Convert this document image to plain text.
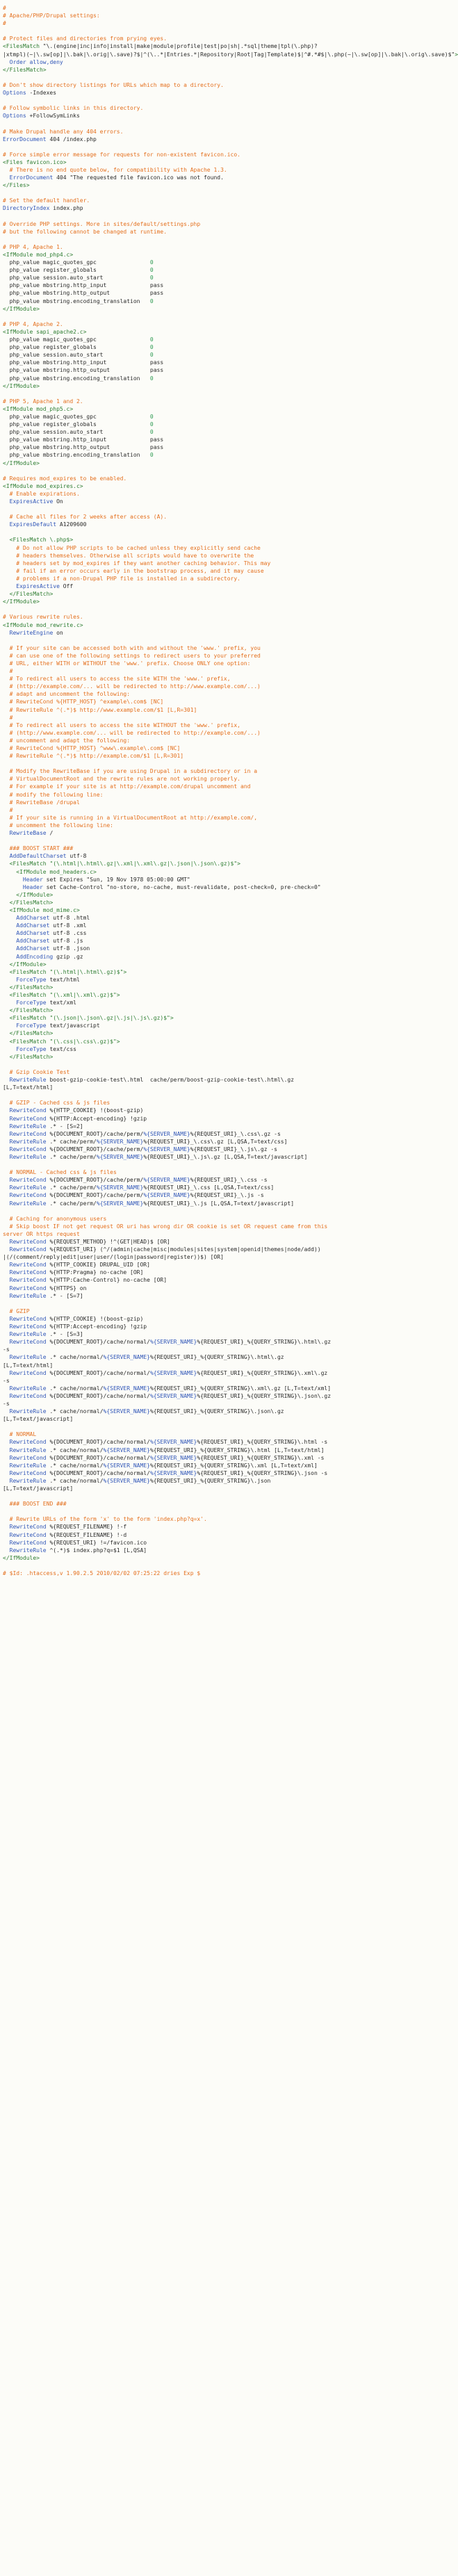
#
# Apache/PHP/Drupal settings:
#

# Protect files and directories from prying eyes.
<FilesMatch "\.(engine|inc|info|install|make|module|profile|test|po|sh|.*sql|theme|tpl(\.php)?
|xtmpl)(~|\.sw[op]|\.bak|\.orig|\.save)?$|^(\..*|Entries.*|Repository|Root|Tag|Template)$|^#.*#$|\.php(~|\.sw[op]|\.bak|\.orig\.save)$">
Order allow,deny
</FilesMatch>

# Don't show directory listings for URLs which map to a directory.
Options -Indexes

# Follow symbolic links in this directory.
Options +FollowSymLinks

# Make Drupal handle any 404 errors.
ErrorDocument 404 /index.php

# Force simple error message for requests for non-existent favicon.ico.
<Files favicon.ico>
# There is no end quote below, for compatibility with Apache 1.3.
ErrorDocument 404 "The requested file favicon.ico was not found.
</Files>

# Set the default handler.
DirectoryIndex index.php

# Override PHP settings. More in sites/default/settings.php
# but the following cannot be changed at runtime.

# PHP 4, Apache 1.
<IfModule mod_php4.c>
php_value magic_quotes_gpc                0
php_value register_globals                0
php_value session.auto_start              0
php_value mbstring.http_input             pass
php_value mbstring.http_output            pass
php_value mbstring.encoding_translation   0
</IfModule>

# PHP 4, Apache 2.
<IfModule sapi_apache2.c>
php_value magic_quotes_gpc                0
php_value register_globals                0
php_value session.auto_start              0
php_value mbstring.http_input             pass
php_value mbstring.http_output            pass
php_value mbstring.encoding_translation   0
</IfModule>

# PHP 5, Apache 1 and 2.
<IfModule mod_php5.c>
php_value magic_quotes_gpc                0
php_value register_globals                0
php_value session.auto_start              0
php_value mbstring.http_input             pass
php_value mbstring.http_output            pass
php_value mbstring.encoding_translation   0
</IfModule>

# Requires mod_expires to be enabled.
<IfModule mod_expires.c>
# Enable expirations.
ExpiresActive On

# Cache all files for 2 weeks after access (A).
ExpiresDefault A1209600

<FilesMatch \.php$>
# Do not allow PHP scripts to be cached unless they explicitly send cache
# headers themselves. Otherwise all scripts would have to overwrite the
# headers set by mod_expires if they want another caching behavior. This may
# fail if an error occurs early in the bootstrap process, and it may cause
# problems if a non-Drupal PHP file is installed in a subdirectory.
ExpiresActive Off
</FilesMatch>
</IfModule>

# Various rewrite rules.
<IfModule mod_rewrite.c>
RewriteEngine on

# If your site can be accessed both with and without the 'www.' prefix, you
# can use one of the following settings to redirect users to your preferred
# URL, either WITH or WITHOUT the 'www.' prefix. Choose ONLY one option:
#
# To redirect all users to access the site WITH the 'www.' prefix,
# (http://example.com/... will be redirected to http://www.example.com/...)
# adapt and uncomment the following:
# RewriteCond %{HTTP_HOST} ^example\.com$ [NC]
# RewriteRule ^(.*)$ http://www.example.com/$1 [L,R=301]
#
# To redirect all users to access the site WITHOUT the 'www.' prefix,
# (http://www.example.com/... will be redirected to http://example.com/...)
# uncomment and adapt the following:
# RewriteCond %{HTTP_HOST} ^www\.example\.com$ [NC]
# RewriteRule ^(.*)$ http://example.com/$1 [L,R=301]

# Modify the RewriteBase if you are using Drupal in a subdirectory or in a
# VirtualDocumentRoot and the rewrite rules are not working properly.
# For example if your site is at http://example.com/drupal uncomment and
# modify the following line:
# RewriteBase /drupal
#
# If your site is running in a VirtualDocumentRoot at http://example.com/,
# uncomment the following line:
RewriteBase /

### BOOST START ###
AddDefaultCharset utf-8
<FilesMatch "(\.html|\.html\.gz|\.xml|\.xml\.gz|\.json|\.json\.gz)$">
<IfModule mod_headers.c>
Header set Expires "Sun, 19 Nov 1978 05:00:00 GMT"
Header set Cache-Control "no-store, no-cache, must-revalidate, post-check=0, pre-check=0"
</IfModule>
</FilesMatch>
<IfModule mod_mime.c>
AddCharset utf-8 .html
AddCharset utf-8 .xml
AddCharset utf-8 .css
AddCharset utf-8 .js
AddCharset utf-8 .json
AddEncoding gzip .gz
</IfModule>
<FilesMatch "(\.html|\.html\.gz)$">
ForceType text/html
</FilesMatch>
<FilesMatch "(\.xml|\.xml\.gz)$">
ForceType text/xml
</FilesMatch>
<FilesMatch "(\.json|\.json\.gz|\.js|\.js\.gz)$">
ForceType text/javascript
</FilesMatch>
<FilesMatch "(\.css|\.css\.gz)$">
ForceType text/css
</FilesMatch>

# Gzip Cookie Test
RewriteRule boost-gzip-cookie-test\.html  cache/perm/boost-gzip-cookie-test\.html\.gz
[L,T=text/html]

# GZIP - Cached css & js files
RewriteCond %{HTTP_COOKIE} !(boost-gzip)
RewriteCond %{HTTP:Accept-encoding} !gzip
RewriteRule .* - [S=2]
RewriteCond %{DOCUMENT_ROOT}/cache/perm/%{SERVER_NAME}%{REQUEST_URI}_\.css\.gz -s
RewriteRule .* cache/perm/%{SERVER_NAME}%{REQUEST_URI}_\.css\.gz [L,QSA,T=text/css]
RewriteCond %{DOCUMENT_ROOT}/cache/perm/%{SERVER_NAME}%{REQUEST_URI}_\.js\.gz -s
RewriteRule .* cache/perm/%{SERVER_NAME}%{REQUEST_URI}_\.js\.gz [L,QSA,T=text/javascript]

# NORMAL - Cached css & js files
RewriteCond %{DOCUMENT_ROOT}/cache/perm/%{SERVER_NAME}%{REQUEST_URI}_\.css -s
RewriteRule .* cache/perm/%{SERVER_NAME}%{REQUEST_URI}_\.css [L,QSA,T=text/css]
RewriteCond %{DOCUMENT_ROOT}/cache/perm/%{SERVER_NAME}%{REQUEST_URI}_\.js -s
RewriteRule .* cache/perm/%{SERVER_NAME}%{REQUEST_URI}_\.js [L,QSA,T=text/javascript]

# Caching for anonymous users
# Skip boost IF not get request OR uri has wrong dir OR cookie is set OR request came from this
server OR https request
RewriteCond %{REQUEST_METHOD} !^(GET|HEAD)$ [OR]
RewriteCond %{REQUEST_URI} (^/(admin|cache|misc|modules|sites|system|openid|themes|node/add))
|(/(comment/reply|edit|user|user/(login|password|register))$) [OR]
RewriteCond %{HTTP_COOKIE} DRUPAL_UID [OR]
RewriteCond %{HTTP:Pragma} no-cache [OR]
RewriteCond %{HTTP:Cache-Control} no-cache [OR]
RewriteCond %{HTTPS} on
RewriteRule .* - [S=7]

# GZIP
RewriteCond %{HTTP_COOKIE} !(boost-gzip)
RewriteCond %{HTTP:Accept-encoding} !gzip
RewriteRule .* - [S=3]
RewriteCond %{DOCUMENT_ROOT}/cache/normal/%{SERVER_NAME}%{REQUEST_URI}_%{QUERY_STRING}\.html\.gz
-s
RewriteRule .* cache/normal/%{SERVER_NAME}%{REQUEST_URI}_%{QUERY_STRING}\.html\.gz
[L,T=text/html]
RewriteCond %{DOCUMENT_ROOT}/cache/normal/%{SERVER_NAME}%{REQUEST_URI}_%{QUERY_STRING}\.xml\.gz
-s
RewriteRule .* cache/normal/%{SERVER_NAME}%{REQUEST_URI}_%{QUERY_STRING}\.xml\.gz [L,T=text/xml]
RewriteCond %{DOCUMENT_ROOT}/cache/normal/%{SERVER_NAME}%{REQUEST_URI}_%{QUERY_STRING}\.json\.gz
-s
RewriteRule .* cache/normal/%{SERVER_NAME}%{REQUEST_URI}_%{QUERY_STRING}\.json\.gz
[L,T=text/javascript]

# NORMAL
RewriteCond %{DOCUMENT_ROOT}/cache/normal/%{SERVER_NAME}%{REQUEST_URI}_%{QUERY_STRING}\.html -s
RewriteRule .* cache/normal/%{SERVER_NAME}%{REQUEST_URI}_%{QUERY_STRING}\.html [L,T=text/html]
RewriteCond %{DOCUMENT_ROOT}/cache/normal/%{SERVER_NAME}%{REQUEST_URI}_%{QUERY_STRING}\.xml -s
RewriteRule .* cache/normal/%{SERVER_NAME}%{REQUEST_URI}_%{QUERY_STRING}\.xml [L,T=text/xml]
RewriteCond %{DOCUMENT_ROOT}/cache/normal/%{SERVER_NAME}%{REQUEST_URI}_%{QUERY_STRING}\.json -s
RewriteRule .* cache/normal/%{SERVER_NAME}%{REQUEST_URI}_%{QUERY_STRING}\.json
[L,T=text/javascript]

### BOOST END ###

# Rewrite URLs of the form 'x' to the form 'index.php?q=x'.
RewriteCond %{REQUEST_FILENAME} !-f
RewriteCond %{REQUEST_FILENAME} !-d
RewriteCond %{REQUEST_URI} !=/favicon.ico
RewriteRule ^(.*)$ index.php?q=$1 [L,QSA]
</IfModule>

# $Id: .htaccess,v 1.90.2.5 2010/02/02 07:25:22 dries Exp $
